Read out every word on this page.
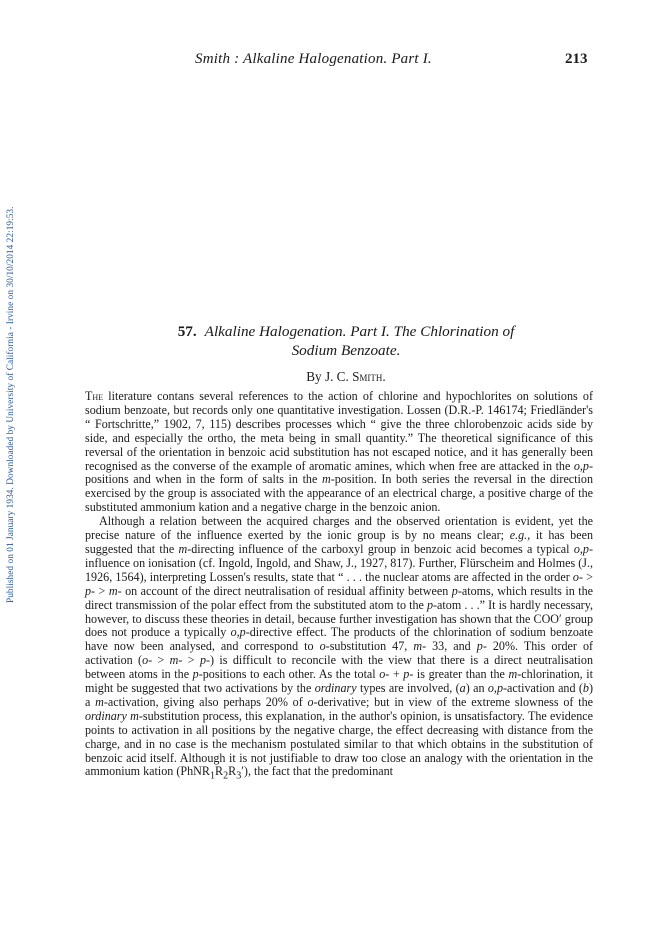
Published on 01 January 1934. Downloaded by University of California - Irvine on 30/10/2014 22:19:53.
Smith : Alkaline Halogenation. Part I.	213
57. Alkaline Halogenation. Part I. The Chlorination of
Sodium Benzoate.
By J. C. Smith.

The literature contans several references to the action of chlorine and hypochlorites on solutions of sodium benzoate, but records only one quantitative investigation. Lossen (D.R.-P. 146174; Friedländer's “ Fortschritte,” 1902, 7, 115) describes processes which “ give the three chlorobenzoic acids side by side, and especially the ortho, the meta being in small quantity.” The theoretical significance of this reversal of the orientation in benzoic acid substitution has not escaped notice, and it has generally been recognised as the converse of the example of aromatic amines, which when free are attacked in the o,p-positions and when in the form of salts in the m-position. In both series the reversal in the direction exercised by the group is associated with the appearance of an electrical charge, a positive charge of the substituted ammonium kation and a negative charge in the benzoic anion.

Although a relation between the acquired charges and the observed orientation is evident, yet the precise nature of the influence exerted by the ionic group is by no means clear; e.g., it has been suggested that the m-directing influence of the carboxyl group in benzoic acid becomes a typical o,p-influence on ionisation (cf. Ingold, Ingold, and Shaw, J., 1927, 817). Further, Flürscheim and Holmes (J., 1926, 1564), interpreting Lossen's results, state that “ . . . the nuclear atoms are affected in the order o- > p- > m- on account of the direct neutralisation of residual affinity between p-atoms, which results in the direct transmission of the polar effect from the substituted atom to the p-atom . . .” It is hardly necessary, however, to discuss these theories in detail, because further investigation has shown that the COO′ group does not produce a typically o,p-directive effect. The products of the chlorination of sodium benzoate have now been analysed, and correspond to o-substitution 47, m- 33, and p- 20%. This order of activation (o- > m- > p-) is difficult to reconcile with the view that there is a direct neutralisation between atoms in the p-positions to each other. As the total o- + p- is greater than the m-chlorination, it might be suggested that two activations by the ordinary types are involved, (a) an o,p-activation and (b) a m-activation, giving also perhaps 20% of o-derivative; but in view of the extreme slowness of the ordinary m-substitution process, this explanation, in the author's opinion, is unsatisfactory. The evidence points to activation in all positions by the negative charge, the effect decreasing with distance from the charge, and in no case is the mechanism postulated similar to that which obtains in the substitution of benzoic acid itself. Although it is not justifiable to draw too close an analogy with the orientation in the ammonium kation $(PhNR_1R_2R_3')$, the fact that the predominant
